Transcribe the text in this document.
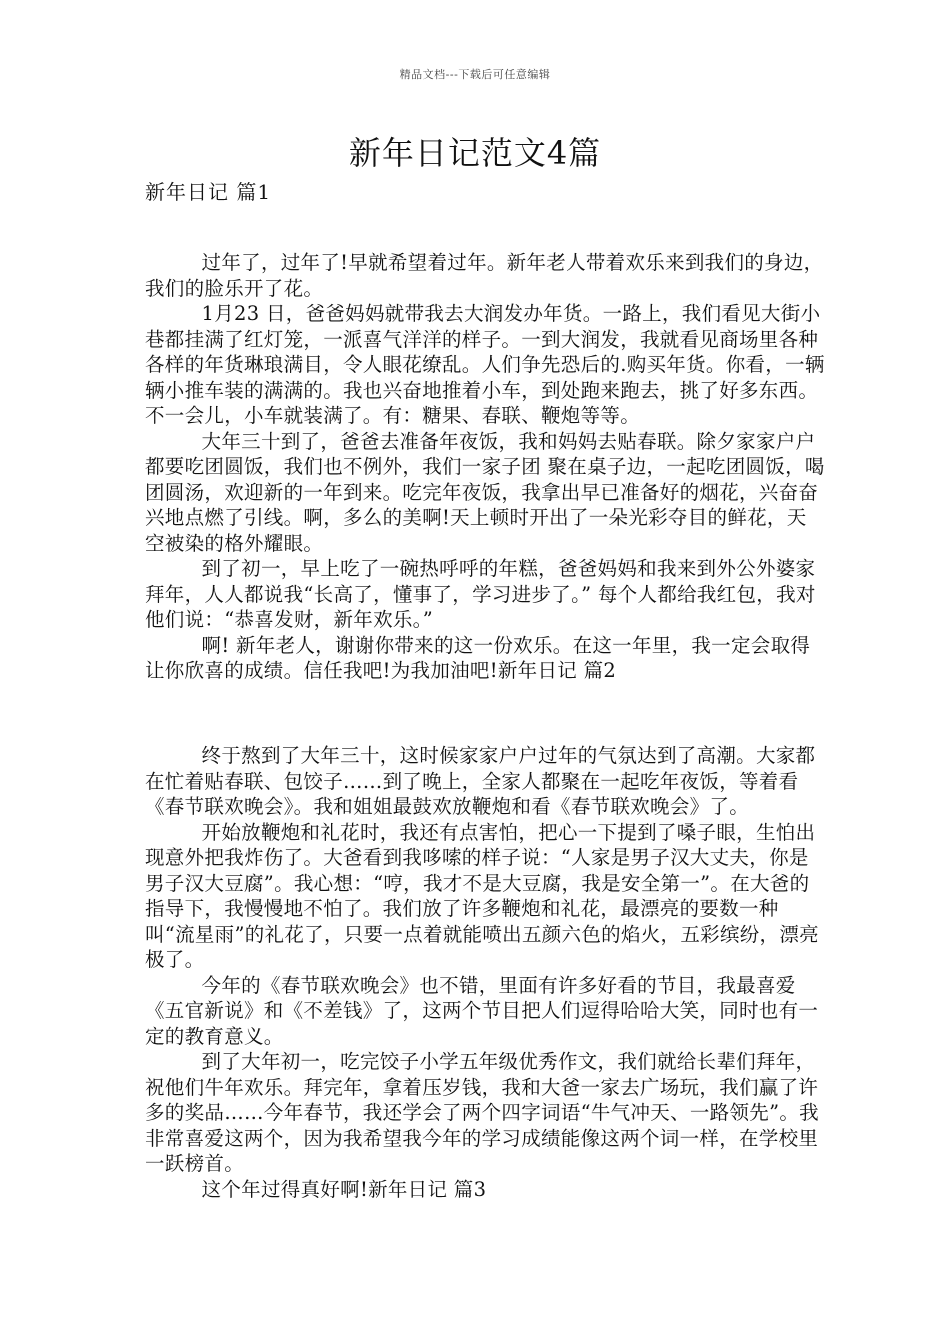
精品文档---下载后可任意编辑
新年日记范文4篇
新年日记 篇1

过年了，过年了!早就希望着过年。新年老人带着欢乐来到我们的身边，我们的脸乐开了花。

1月23 日，爸爸妈妈就带我去大润发办年货。一路上，我们看见大街小巷都挂满了红灯笼，一派喜气洋洋的样子。一到大润发，我就看见商场里各种各样的年货琳琅满目，令人眼花缭乱。人们争先恐后的.购买年货。你看，一辆辆小推车装的满满的。我也兴奋地推着小车，到处跑来跑去，挑了好多东西。不一会儿，小车就装满了。有：糖果、春联、鞭炮等等。

大年三十到了，爸爸去准备年夜饭，我和妈妈去贴春联。除夕家家户户都要吃团圆饭，我们也不例外，我们一家子团 聚在桌子边，一起吃团圆饭，喝团圆汤，欢迎新的一年到来。吃完年夜饭，我拿出早已准备好的烟花，兴奋奋兴地点燃了引线。啊，多么的美啊!天上顿时开出了一朵光彩夺目的鲜花，天空被染的格外耀眼。

到了初一，早上吃了一碗热呼呼的年糕，爸爸妈妈和我来到外公外婆家拜年，人人都说我“长高了，懂事了，学习进步了。” 每个人都给我红包，我对他们说：“恭喜发财，新年欢乐。”

啊! 新年老人，谢谢你带来的这一份欢乐。在这一年里，我一定会取得让你欣喜的成绩。信任我吧!为我加油吧!新年日记 篇2

终于熬到了大年三十，这时候家家户户过年的气氛达到了高潮。大家都在忙着贴春联、包饺子……到了晚上，全家人都聚在一起吃年夜饭，等着看《春节联欢晚会》。我和姐姐最鼓欢放鞭炮和看《春节联欢晚会》了。

开始放鞭炮和礼花时，我还有点害怕，把心一下提到了嗓子眼，生怕出现意外把我炸伤了。大爸看到我哆嗦的样子说：“人家是男子汉大丈夫，你是男子汉大豆腐”。我心想：“哼，我才不是大豆腐，我是安全第一”。在大爸的指导下，我慢慢地不怕了。我们放了许多鞭炮和礼花，最漂亮的要数一种叫“流星雨”的礼花了，只要一点着就能喷出五颜六色的焰火，五彩缤纷，漂亮极了。

今年的《春节联欢晚会》也不错，里面有许多好看的节目，我最喜爱《五官新说》和《不差钱》了，这两个节目把人们逗得哈哈大笑，同时也有一定的教育意义。

到了大年初一，吃完饺子小学五年级优秀作文，我们就给长辈们拜年，祝他们牛年欢乐。拜完年，拿着压岁钱，我和大爸一家去广场玩，我们赢了许多的奖品……今年春节，我还学会了两个四字词语“牛气冲天、一路领先”。我非常喜爱这两个，因为我希望我今年的学习成绩能像这两个词一样，在学校里一跃榜首。

这个年过得真好啊!新年日记 篇3
